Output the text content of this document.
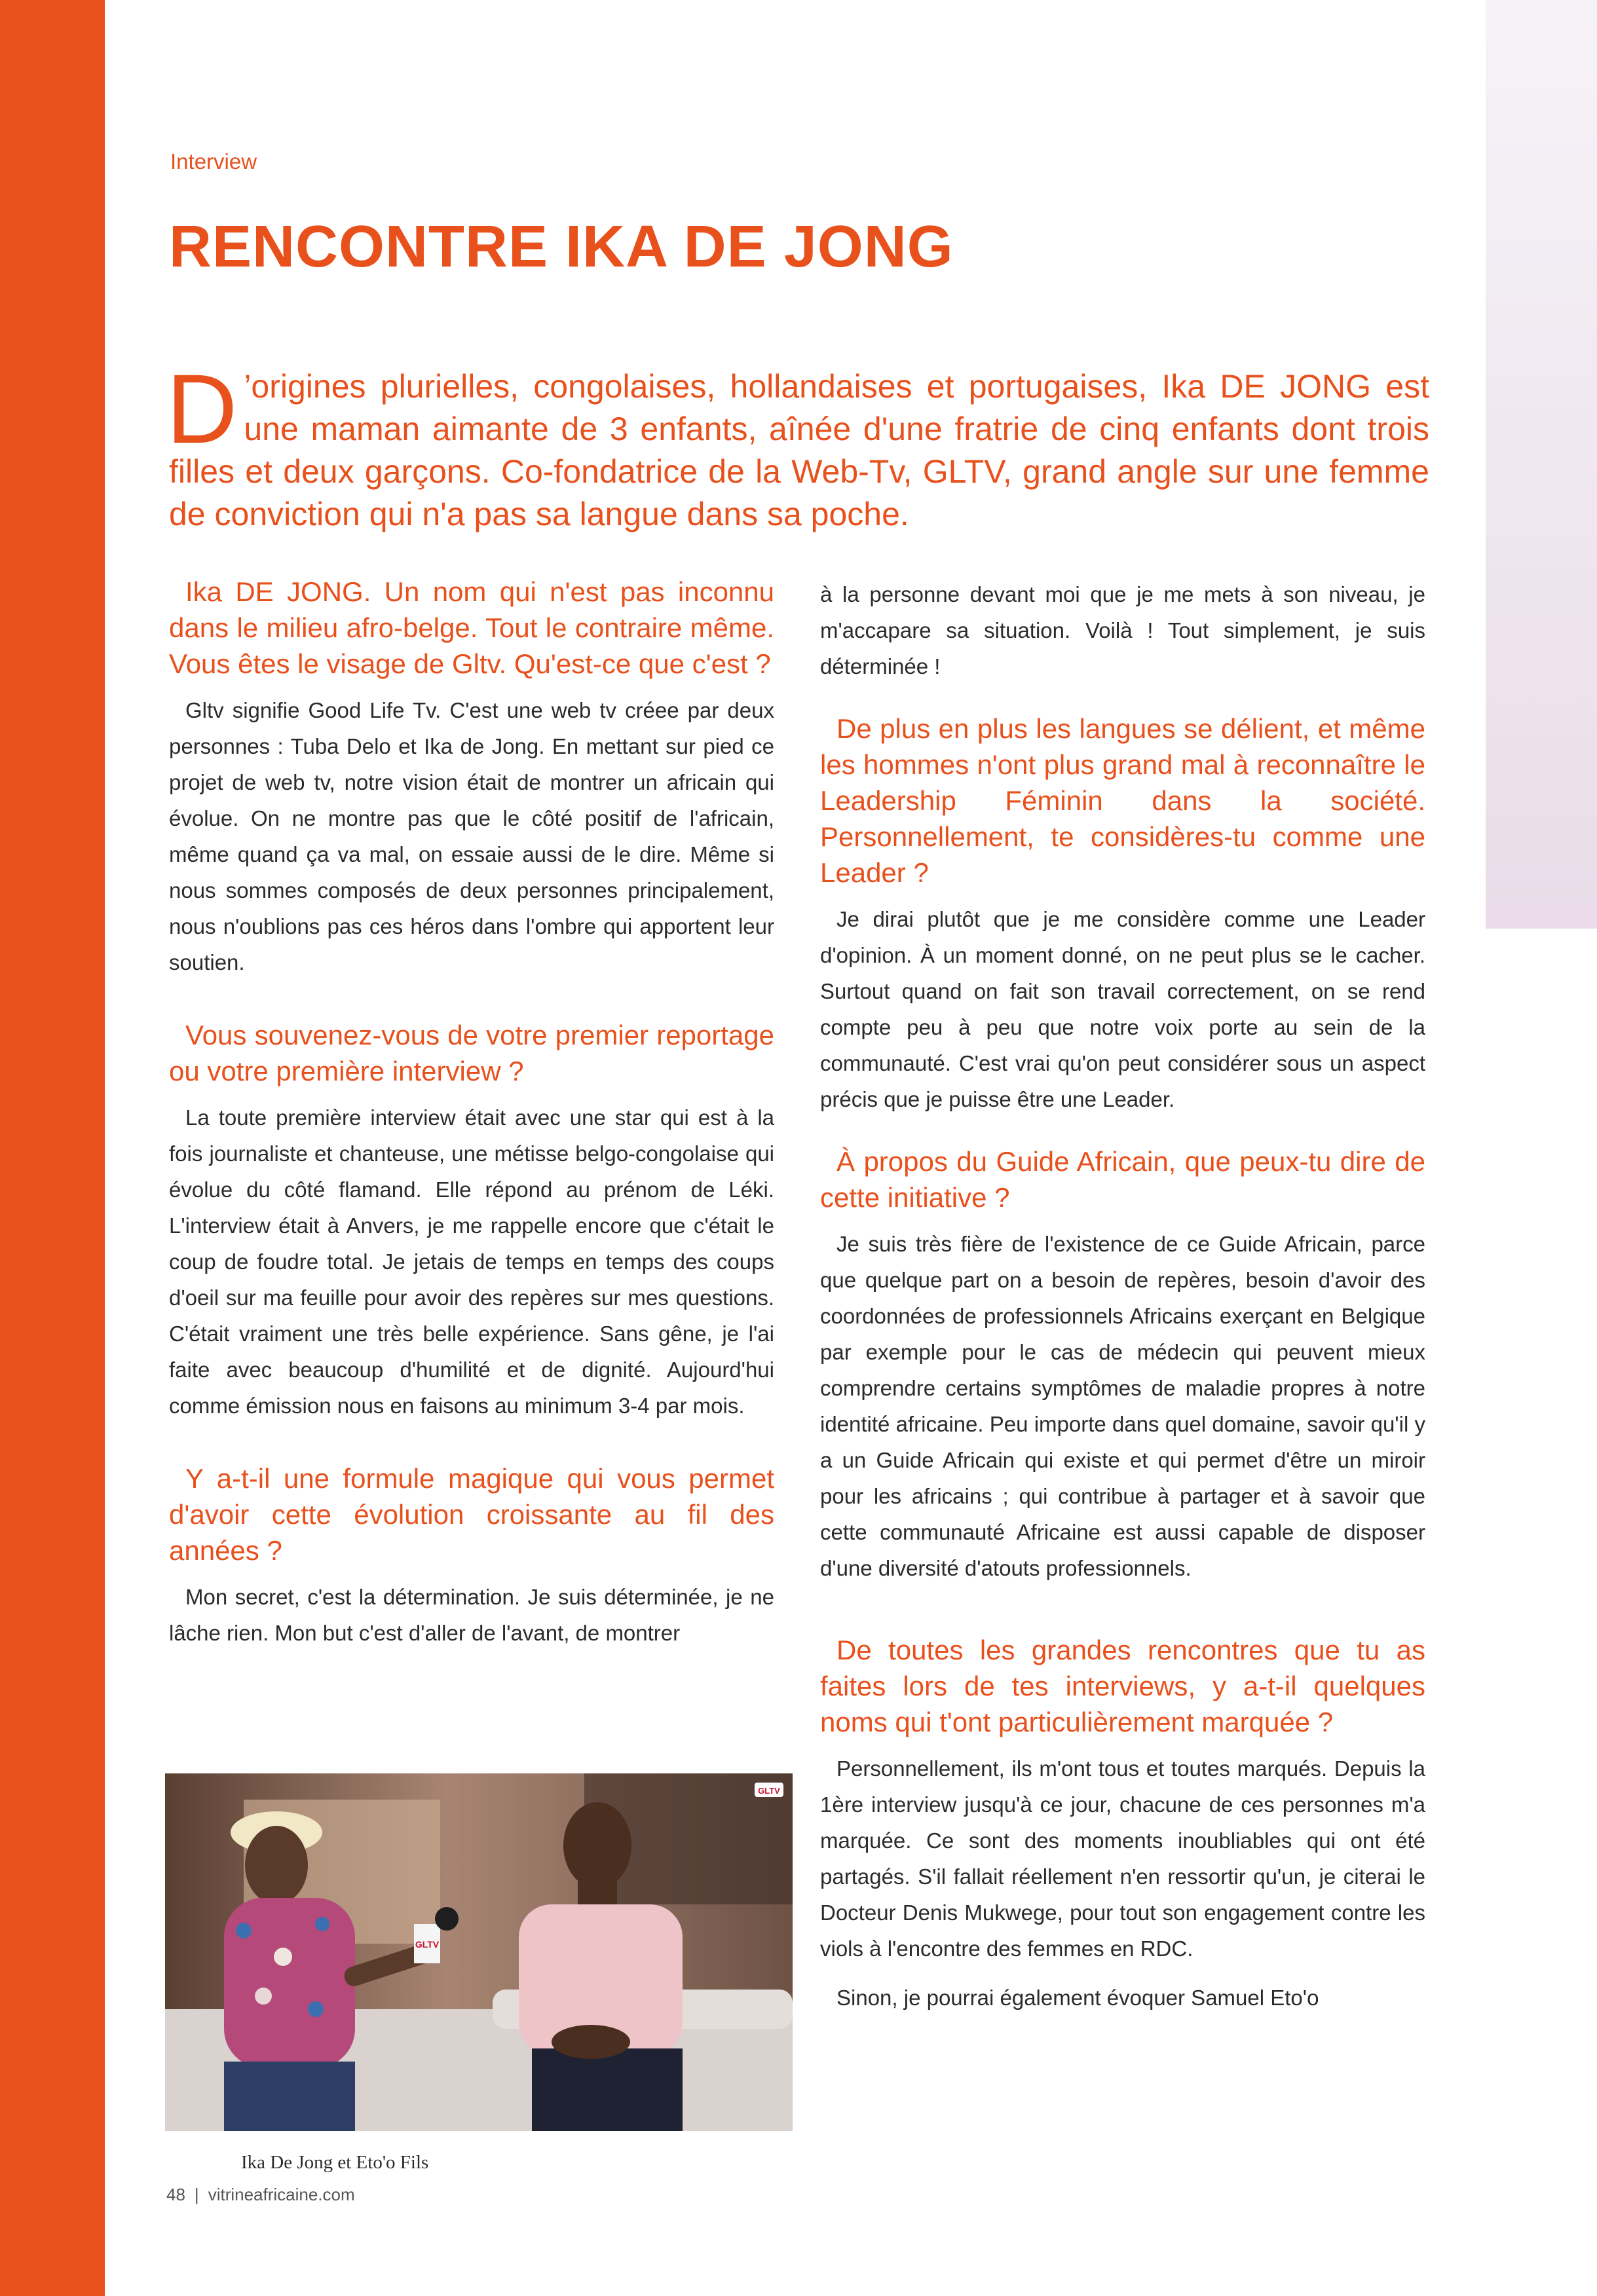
Interview
RENCONTRE IKA DE JONG

D ’origines plurielles, congolaises, hollandaises et portugaises, Ika DE JONG est une maman aimante de 3 enfants, aînée d'une fratrie de cinq enfants dont trois filles et deux garçons. Co-fondatrice de la Web-Tv, GLTV, grand angle sur une femme de conviction qui n'a pas sa langue dans sa poche.

Ika DE JONG. Un nom qui n'est pas inconnu dans le milieu afro-belge. Tout le contraire même. Vous êtes le visage de Gltv. Qu'est-ce que c'est ?

Gltv signifie Good Life Tv. C'est une web tv créee par deux personnes : Tuba Delo et Ika de Jong. En mettant sur pied ce projet de web tv, notre vision était de montrer un africain qui évolue. On ne montre pas que le côté positif de l'africain, même quand ça va mal, on essaie aussi de le dire. Même si nous sommes composés de deux personnes principalement, nous n'oublions pas ces héros dans l'ombre qui apportent leur soutien.

Vous souvenez-vous de votre premier reportage ou votre première interview ?

La toute première interview était avec une star qui est à la fois journaliste et chanteuse, une métisse belgo-congolaise qui évolue du côté flamand. Elle répond au prénom de Léki. L'interview était à Anvers, je me rappelle encore que c'était le coup de foudre total. Je jetais de temps en temps des coups d'oeil sur ma feuille pour avoir des repères sur mes questions. C'était vraiment une très belle expérience. Sans gêne, je l'ai faite avec beaucoup d'humilité et de dignité. Aujourd'hui comme émission nous en faisons au minimum 3-4 par mois.

Y a-t-il une formule magique qui vous permet d'avoir cette évolution croissante au fil des années ?

Mon secret, c'est la détermination. Je suis déterminée, je ne lâche rien. Mon but c'est d'aller de l'avant, de montrer

à la personne devant moi que je me mets à son niveau, je m'accapare sa situation. Voilà ! Tout simplement, je suis déterminée !

De plus en plus les langues se délient, et même les hommes n'ont plus grand mal à reconnaître le Leadership Féminin dans la société. Personnellement, te considères-tu comme une Leader ?

Je dirai plutôt que je me considère comme une Leader d'opinion. À un moment donné, on ne peut plus se le cacher. Surtout quand on fait son travail correctement, on se rend compte peu à peu que notre voix porte au sein de la communauté. C'est vrai qu'on peut considérer sous un aspect précis que je puisse être une Leader.

À propos du Guide Africain, que peux-tu dire de cette initiative ?

Je suis très fière de l'existence de ce Guide Africain, parce que quelque part on a besoin de repères, besoin d'avoir des coordonnées de professionnels Africains exerçant en Belgique par exemple pour le cas de médecin qui peuvent mieux comprendre certains symptômes de maladie propres à notre identité africaine. Peu importe dans quel domaine, savoir qu'il y a un Guide Africain qui existe et qui permet d'être un miroir pour les africains ; qui contribue à partager et à savoir que cette communauté Africaine est aussi capable de disposer d'une diversité d'atouts professionnels.

De toutes les grandes rencontres que tu as faites lors de tes interviews, y a-t-il quelques noms qui t'ont particulièrement marquée ?

Personnellement, ils m'ont tous et toutes marqués. Depuis la 1ère interview jusqu'à ce jour, chacune de ces personnes m'a marquée. Ce sont des moments inoubliables qui ont été partagés. S'il fallait réellement n'en ressortir qu'un, je citerai le Docteur Denis Mukwege, pour tout son engagement contre les viols à l'encontre des femmes en RDC.

Sinon, je pourrai également évoquer Samuel Eto'o

GLTV
GLTV
Ika De Jong et Eto'o Fils
48 | vitrineafricaine.com
